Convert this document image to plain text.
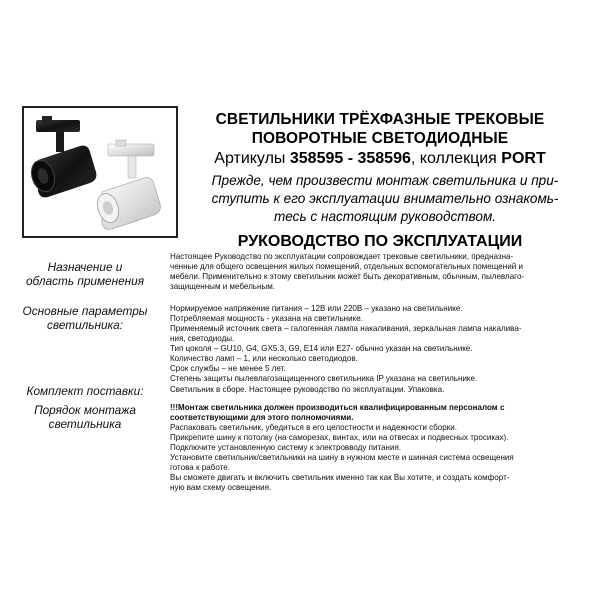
СВЕТИЛЬНИКИ ТРЁХФАЗНЫЕ ТРЕКОВЫЕ
ПОВОРОТНЫЕ СВЕТОДИОДНЫЕ
Артикулы 358595 - 358596, коллекция PORT
Прежде, чем произвести монтаж светильника и при-
ступить к его эксплуатации внимательно ознакомь-
тесь с настоящим руководством.
РУКОВОДСТВО ПО ЭКСПЛУАТАЦИИ
Назначение и
область применения

Настоящее Руководство по эксплуатации сопровождает трековые светильники, предназна-

ченные для общего освещения жилых помещений, отдельных вспомогательных помещений и

мебели. Применительно к этому светильник может быть декоративным, обычным, пылевлаго-

защищенным и мебельным.

Основные параметры
светильника:

Нормируемое напряжение питания – 12В или 220В – указано на светильнике.

Потребляемая мощность - указана на светильнике.

Применяемый источник света – галогенная лампа накаливания, зеркальная лампа накалива-

ния, светодиоды.

Тип цоколя – GU10, G4, GX5.3, G9, E14 или E27- обычно указан на светильнике.

Количество ламп – 1, или несколько светодиодов.

Срок службы – не менее 5 лет.

Степень защиты пылевлагозащищенного светильника IP указана на светильнике.

Комплект поставки:	Светильник в сборе. Настоящее руководство по эксплуатации. Упаковка.

Порядок монтажа
светильника

!!!Монтаж светильника должен производиться квалифицированным персоналом с

соответствующими для этого полномочиями.

Распаковать светильник, убедиться в его целостности и надежности сборки.

Прикрепите шину к потолку (на саморезах, винтах, или на отвесах и подвесных тросиках).

Подключите установленную систему к электровводу питания.

Установите светильник/светильники на шину в нужном месте и шинная система освещения

готова к работе.

Вы сможете двигать и включить светильник именно так как Вы хотите, и создать комфорт-

ную вам схему освещения.
